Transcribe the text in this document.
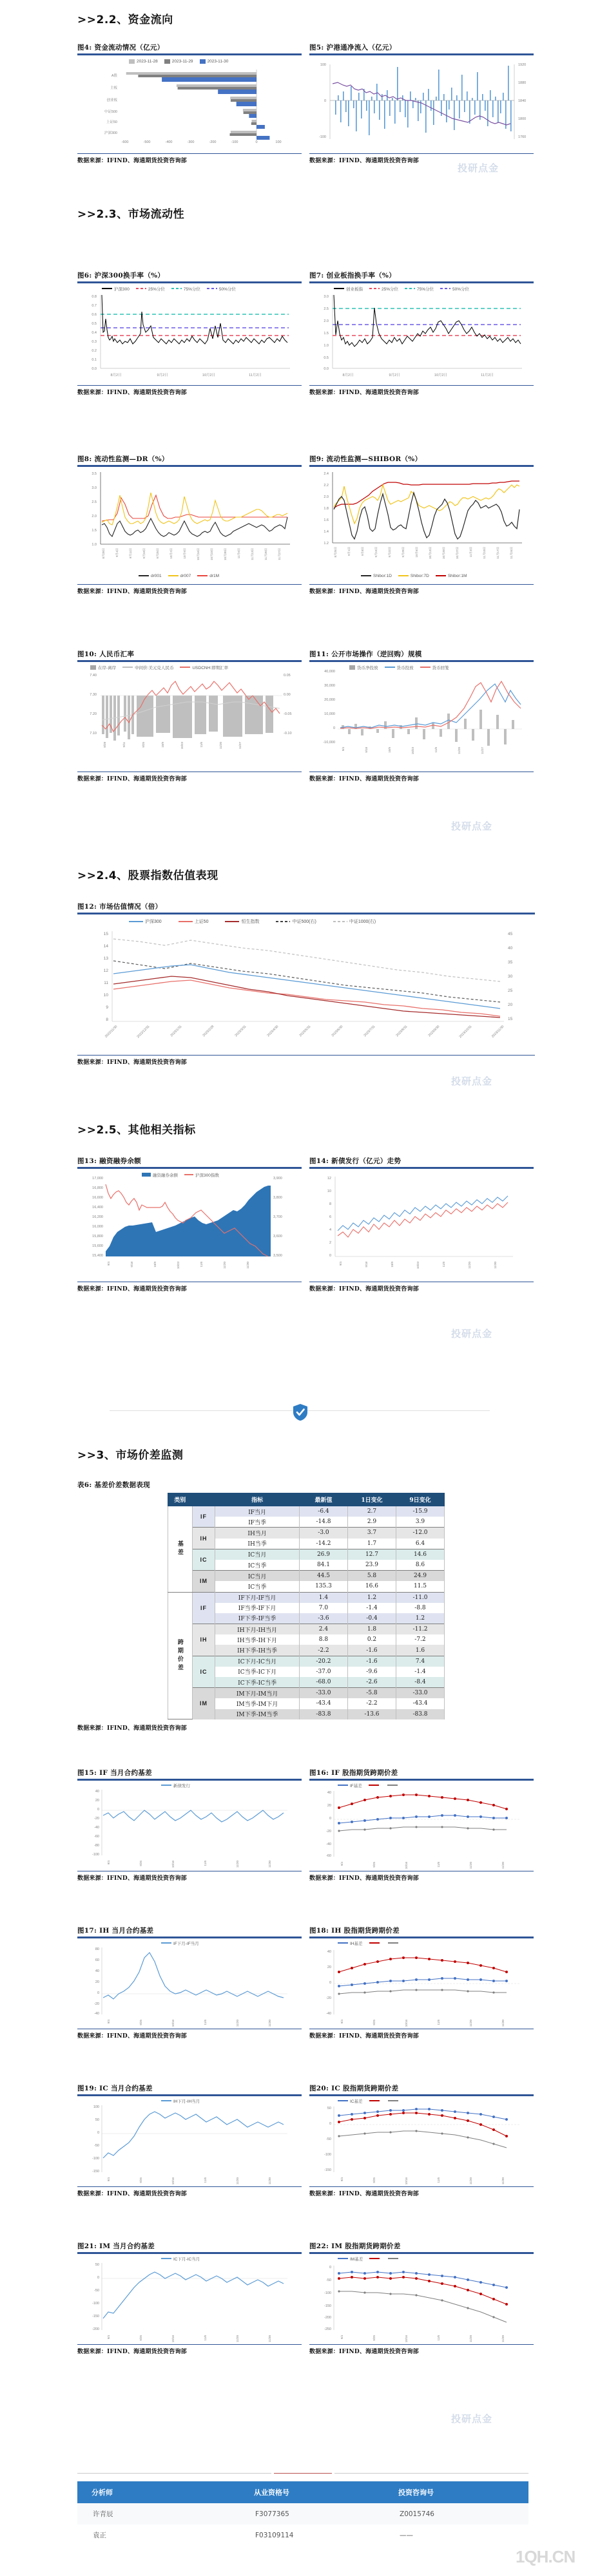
>>2.2、资金流向
图4: 资金流动情况（亿元）
2023-11-28	2023-11-29	2023-11-30
-600	-500	-400	-300	-200	-100	0	100
A股
主板
创业板
中证500
上证50
沪深300
数据来源：IFIND、海通期货投资咨询部
图5: 沪港通净流入（亿元）
100
0
-100
1920
1880
1840
1800
1760
数据来源：IFIND、海通期货投资咨询部
投研点金
>>2.3、市场流动性
图6: 沪深300换手率（%）
沪深300	25%分位	75%分位	50%分位
0.8
0.7
0.6
0.5
0.4
0.3
0.2
0.1
0.0
8月2日	9月2日	10月2日	11月2日
数据来源：IFIND、海通期货投资咨询部
图7: 创业板指换手率（%）
创业板指	25%分位	75%分位	50%分位
3.0
2.5
2.0
1.5
1.0
0.5
0.0
8月2日	9月2日	10月2日	11月2日
数据来源：IFIND、海通期货投资咨询部
图8: 流动性监测—DR（%）
3.5
3.0
2.5
2.0
1.5
1.0
8月28日	9月4日	9月11日	9月18日	9月25日	10月2日	10月9日	10月16日	10月23日	10月30日	11月6日	11月13日	11月20日	11月27日
dr001	dr007	dr1M
数据来源：IFIND、海通期货投资咨询部
图9: 流动性监测—SHIBOR（%）
2.4
2.2
2.0
1.8
1.6
1.4
1.2
8月25日	9月1日	9月8日	9月15日	9月22日	9月29日	10月6日	10月13日	10月20日	10月27日	11月3日	11月10日	11月17日	11月24日
Shibor:1D	Shibor:7D	Shibor:1M
数据来源：IFIND、海通期货投资咨询部
图10: 人民币汇率
在岸-离岸	中间价:美元兑人民币	USDCNH:即期汇率
7.40
7.30
7.20
7.10
0.05
0.00
-0.05
-0.10
8/28	9/11	9/25	10/9	10/23	11/6	11/20	11/27
数据来源：IFIND、海通期货投资咨询部
图11: 公开市场操作（逆回购）规模
货币净投放	货币投放	货币回笼
40,000
30,000
20,000
10,000
0
-10,000
9/4	9/18	10/9	10/23	11/6	11/20	11/27
数据来源：IFIND、海通期货投资咨询部
投研点金
>>2.4、股票指数估值表现
图12: 市场估值情况（倍）
沪深300	上证50	恒生指数	中证500(右)	中证1000(右)
15
14
13
12
11
10
9
8
45
40
35
30
25
20
15
2022/11/30	2022/12/31	2023/1/31	2023/2/28	2023/3/31	2023/4/30	2023/5/31	2023/6/30	2023/7/31	2023/8/31	2023/9/30	2023/10/31	2023/11/30
数据来源：IFIND、海通期货投资咨询部
投研点金
>>2.5、其他相关指标
图13: 融资融券余额
融资融券余额	沪深300指数
17,000
16,800
16,600
16,400
16,200
16,000
15,800
15,600
15,400
3,900
3,800
3,700
3,600
3,500
9/4	9/18	10/9	10/23	11/6	11/20	11/30
数据来源：IFIND、海通期货投资咨询部
图14: 新债发行（亿元）走势
12
10
8
6
4
2
0
9/4	9/18	10/9	10/23	11/6	11/20	11/30
数据来源：IFIND、海通期货投资咨询部
投研点金
>>3、市场价差监测
表6: 基差价差数据表现
类别		指标	最新值	1日变化	9日变化
基差	IF	IF当月	-6.4	2.7	-15.9
		IF当季	-14.8	2.9	3.9
	IH	IH当月	-3.0	3.7	-12.0
		IH当季	-14.2	1.7	6.4
	IC	IC当月	26.9	12.7	14.6
		IC当季	84.1	23.9	8.6
	IM	IC当月	44.5	5.8	24.9
		IC当季	135.3	16.6	11.5
跨期价差	IF	IF下月-IF当月	1.4	1.2	-11.0
		IF当季-IF下月	7.0	-1.4	-8.8
		IF下季-IF当季	-3.6	-0.4	1.2
	IH	IH下月-IH当月	2.4	1.8	-11.2
		IH当季-IH下月	8.8	0.2	-7.2
		IH下季-IH当季	-2.2	-1.6	1.6
	IC	IC下月-IC当月	-20.2	-1.6	7.4
		IC当季-IC下月	-37.0	-9.6	-1.4
		IC下季-IC当季	-68.0	-2.6	-8.4
	IM	IM下月-IM当月	-33.0	-5.8	-33.0
		IM当季-IM下月	-43.4	-2.2	-43.4
		IM下季-IM当季	-83.8	-13.6	-83.8
数据来源：IFIND、海通期货投资咨询部
图15: IF 当月合约基差
新债发行
40
20
0
-20
-40
-60
-80
-100
9/4	9/25	10/16	11/6	11/20	11/30
数据来源：IFIND、海通期货投资咨询部
图16: IF 股指期货跨期价差
IF基差
40
20
0
-20
-40
-60
9/4	9/25	10/16	11/6	11/20	11/30
数据来源：IFIND、海通期货投资咨询部
图17: IH 当月合约基差
IF下月-IF当月
80
60
40
20
0
-20
-40
9/4	9/25	10/16	11/6	11/20	11/30
数据来源：IFIND、海通期货投资咨询部
图18: IH 股指期货跨期价差
IH基差
40
20
0
-20
-40
9/4	9/25	10/16	11/6	11/20	11/30
数据来源：IFIND、海通期货投资咨询部
图19: IC 当月合约基差
IH下月-IH当月
100
50
0
-50
-100
-150
9/4	9/25	10/16	11/6	11/20	11/30
数据来源：IFIND、海通期货投资咨询部
图20: IC 股指期货跨期价差
IC基差
50
0
-50
-100
-150
9/4	9/25	10/16	11/6	11/20	11/30
数据来源：IFIND、海通期货投资咨询部
图21: IM 当月合约基差
IC下月-IC当月
50
0
-50
-100
-150
-200
9/4	9/25	10/16	11/6	11/20	11/30
数据来源：IFIND、海通期货投资咨询部
图22: IM 股指期货跨期价差
IM基差
0
-50
-100
-150
-200
-250
9/4	9/25	10/16	11/6	11/20	11/30
数据来源：IFIND、海通期货投资咨询部
投研点金
分析师	从业资格号	投资咨询号
许青辰	F3077365	Z0015746
袁正	F03109114	——
1QH.CN
